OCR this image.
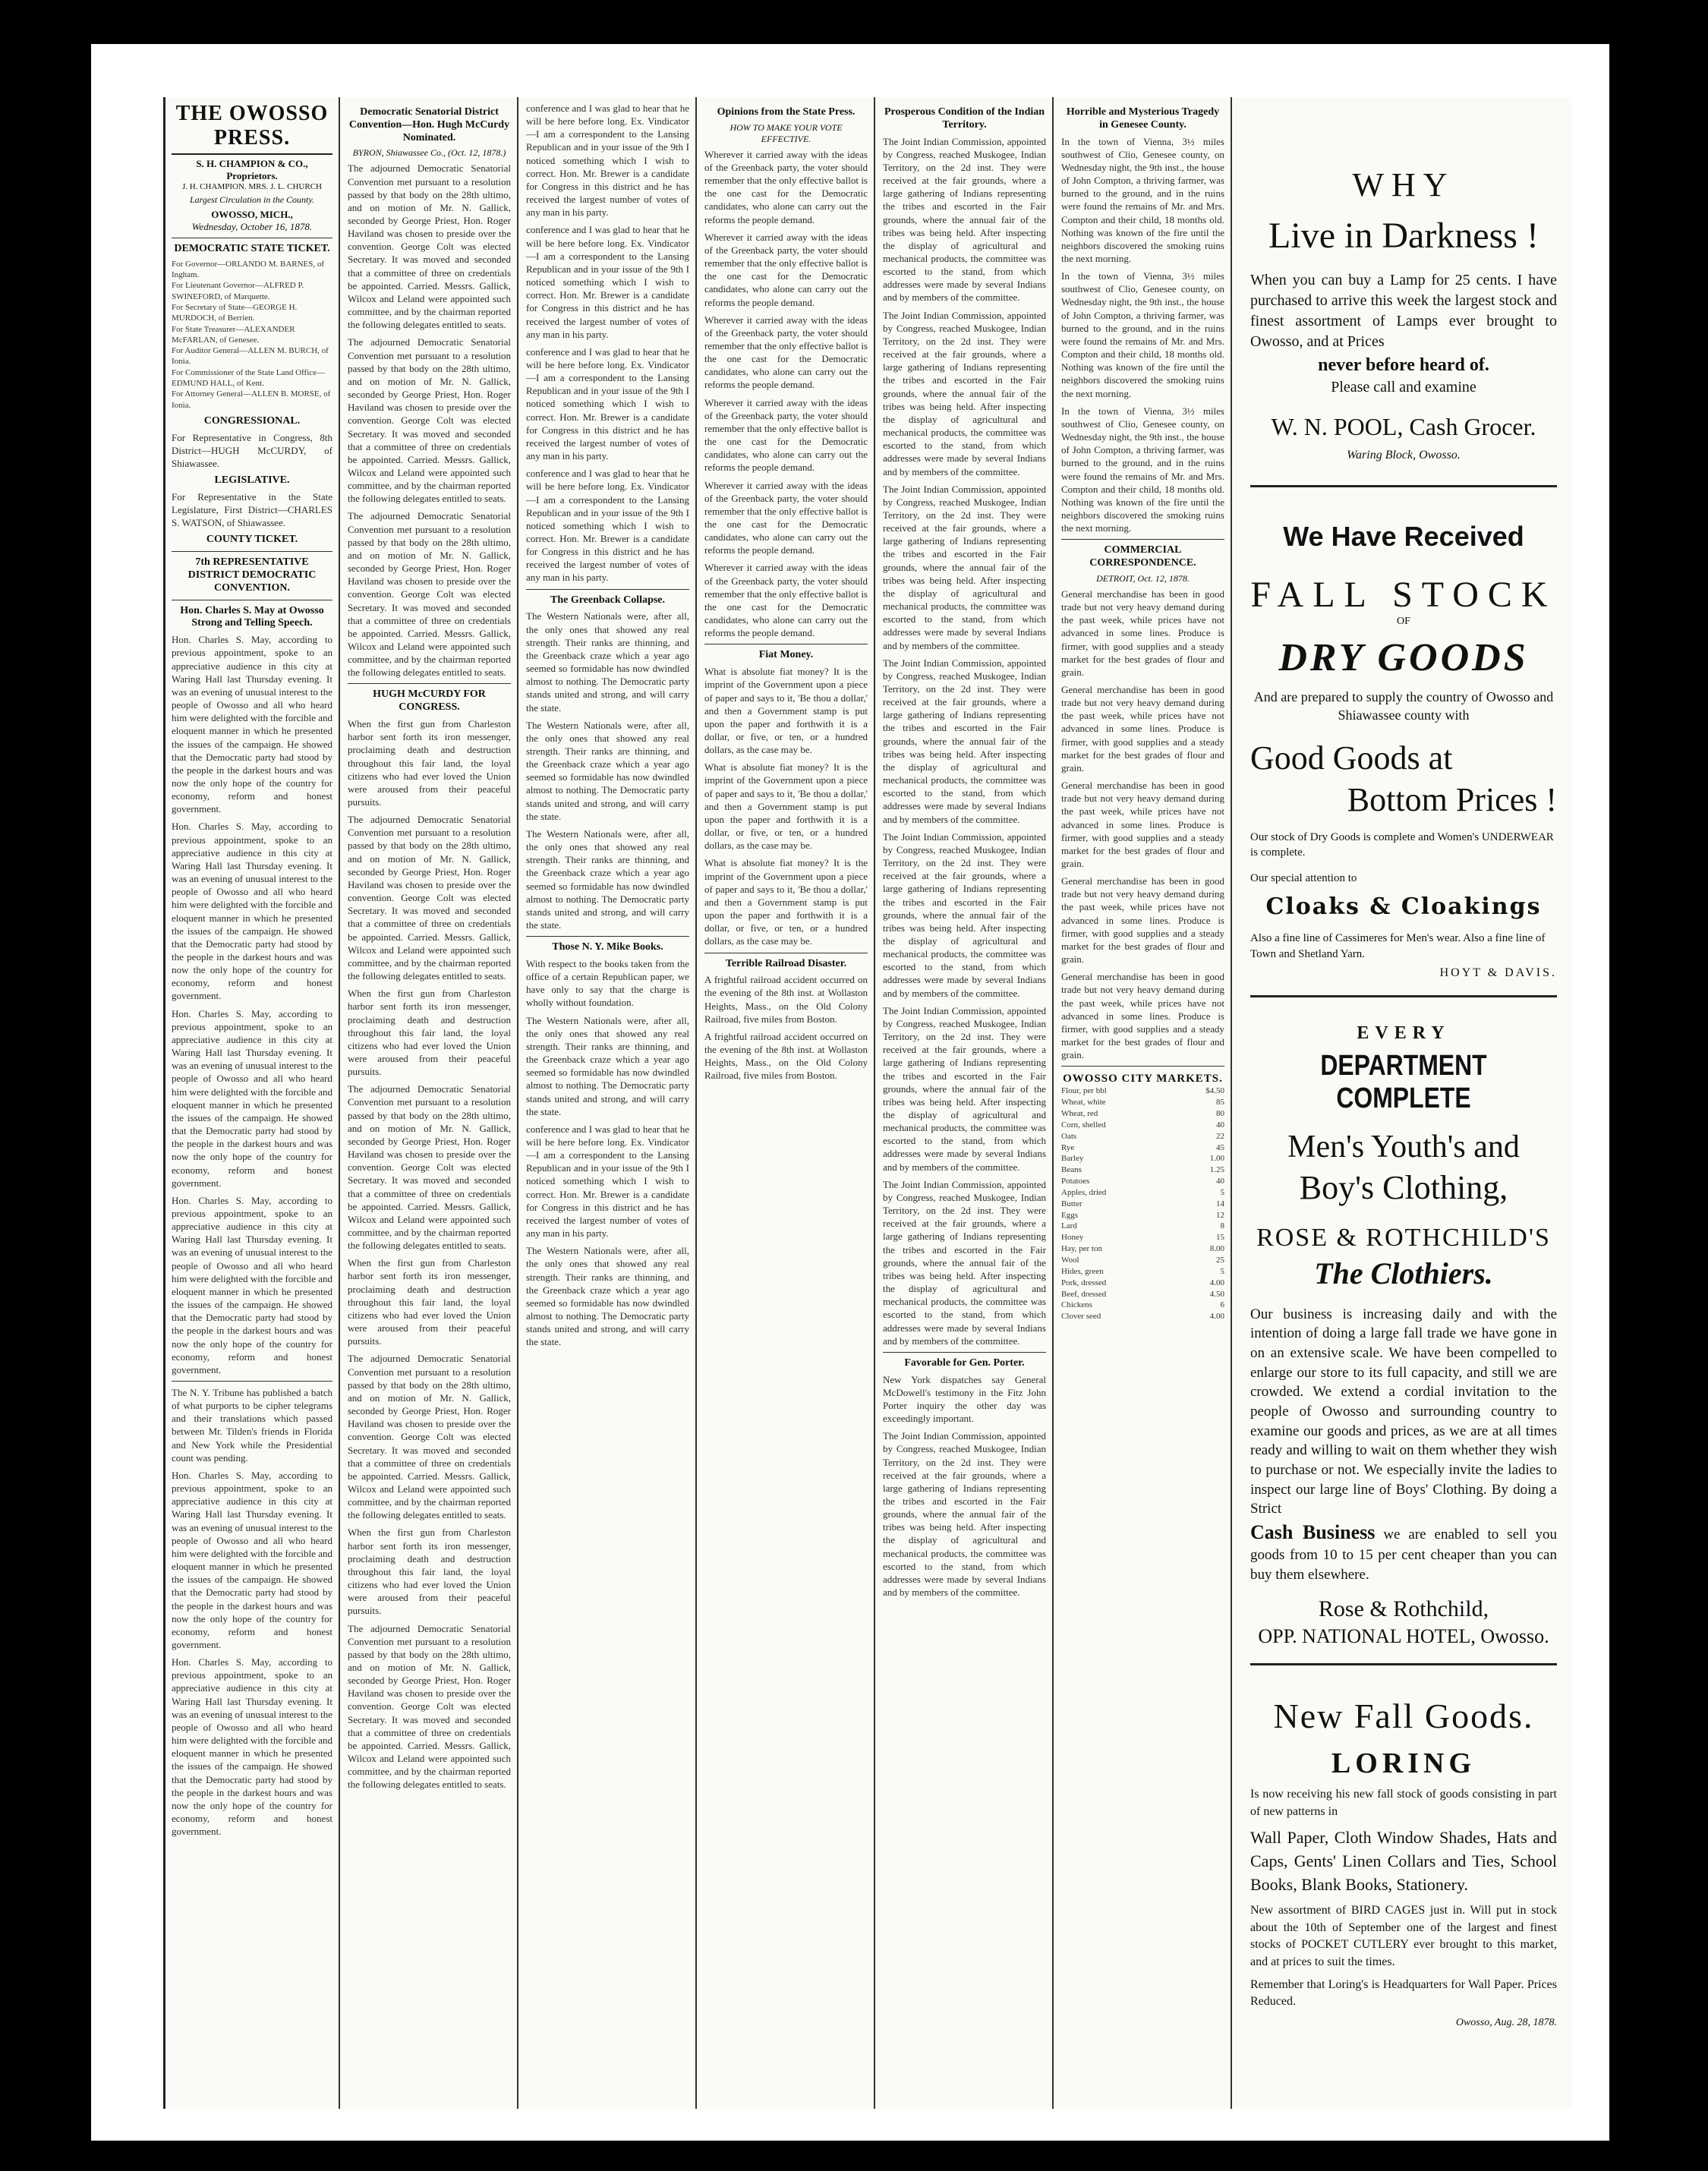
THE OWOSSO PRESS.
S. H. CHAMPION & CO., Proprietors.
J. H. CHAMPION. MRS. J. L. CHURCH
Largest Circulation in the County.
OWOSSO, MICH.,
Wednesday, October 16, 1878.
DEMOCRATIC STATE TICKET.
For Governor—ORLANDO M. BARNES, of Ingham.
For Lieutenant Governor—ALFRED P. SWINEFORD, of Marquette.
For Secretary of State—GEORGE H. MURDOCH, of Berrien.
For State Treasurer—ALEXANDER McFARLAN, of Genesee.
For Auditor General—ALLEN M. BURCH, of Ionia.
For Commissioner of the State Land Office—EDMUND HALL, of Kent.
For Attorney General—ALLEN B. MORSE, of Ionia.
CONGRESSIONAL.

For Representative in Congress, 8th District—HUGH McCURDY, of Shiawassee.

LEGISLATIVE.

For Representative in the State Legislature, First District—CHARLES S. WATSON, of Shiawassee.

COUNTY TICKET.
7th REPRESENTATIVE DISTRICT DEMOCRATIC CONVENTION.
Hon. Charles S. May at Owosso Strong and Telling Speech.

Hon. Charles S. May, according to previous appointment, spoke to an appreciative audience in this city at Waring Hall last Thursday evening. It was an evening of unusual interest to the people of Owosso and all who heard him were delighted with the forcible and eloquent manner in which he presented the issues of the campaign. He showed that the Democratic party had stood by the people in the darkest hours and was now the only hope of the country for economy, reform and honest government.

Hon. Charles S. May, according to previous appointment, spoke to an appreciative audience in this city at Waring Hall last Thursday evening. It was an evening of unusual interest to the people of Owosso and all who heard him were delighted with the forcible and eloquent manner in which he presented the issues of the campaign. He showed that the Democratic party had stood by the people in the darkest hours and was now the only hope of the country for economy, reform and honest government.

Hon. Charles S. May, according to previous appointment, spoke to an appreciative audience in this city at Waring Hall last Thursday evening. It was an evening of unusual interest to the people of Owosso and all who heard him were delighted with the forcible and eloquent manner in which he presented the issues of the campaign. He showed that the Democratic party had stood by the people in the darkest hours and was now the only hope of the country for economy, reform and honest government.

Hon. Charles S. May, according to previous appointment, spoke to an appreciative audience in this city at Waring Hall last Thursday evening. It was an evening of unusual interest to the people of Owosso and all who heard him were delighted with the forcible and eloquent manner in which he presented the issues of the campaign. He showed that the Democratic party had stood by the people in the darkest hours and was now the only hope of the country for economy, reform and honest government.

The N. Y. Tribune has published a batch of what purports to be cipher telegrams and their translations which passed between Mr. Tilden's friends in Florida and New York while the Presidential count was pending.

Hon. Charles S. May, according to previous appointment, spoke to an appreciative audience in this city at Waring Hall last Thursday evening. It was an evening of unusual interest to the people of Owosso and all who heard him were delighted with the forcible and eloquent manner in which he presented the issues of the campaign. He showed that the Democratic party had stood by the people in the darkest hours and was now the only hope of the country for economy, reform and honest government.

Hon. Charles S. May, according to previous appointment, spoke to an appreciative audience in this city at Waring Hall last Thursday evening. It was an evening of unusual interest to the people of Owosso and all who heard him were delighted with the forcible and eloquent manner in which he presented the issues of the campaign. He showed that the Democratic party had stood by the people in the darkest hours and was now the only hope of the country for economy, reform and honest government.

Democratic Senatorial District Convention—Hon. Hugh McCurdy Nominated.
BYRON, Shiawassee Co., (Oct. 12, 1878.)

The adjourned Democratic Senatorial Convention met pursuant to a resolution passed by that body on the 28th ultimo, and on motion of Mr. N. Gallick, seconded by George Priest, Hon. Roger Haviland was chosen to preside over the convention. George Colt was elected Secretary. It was moved and seconded that a committee of three on credentials be appointed. Carried. Messrs. Gallick, Wilcox and Leland were appointed such committee, and by the chairman reported the following delegates entitled to seats.

The adjourned Democratic Senatorial Convention met pursuant to a resolution passed by that body on the 28th ultimo, and on motion of Mr. N. Gallick, seconded by George Priest, Hon. Roger Haviland was chosen to preside over the convention. George Colt was elected Secretary. It was moved and seconded that a committee of three on credentials be appointed. Carried. Messrs. Gallick, Wilcox and Leland were appointed such committee, and by the chairman reported the following delegates entitled to seats.

The adjourned Democratic Senatorial Convention met pursuant to a resolution passed by that body on the 28th ultimo, and on motion of Mr. N. Gallick, seconded by George Priest, Hon. Roger Haviland was chosen to preside over the convention. George Colt was elected Secretary. It was moved and seconded that a committee of three on credentials be appointed. Carried. Messrs. Gallick, Wilcox and Leland were appointed such committee, and by the chairman reported the following delegates entitled to seats.

HUGH McCURDY FOR CONGRESS.

When the first gun from Charleston harbor sent forth its iron messenger, proclaiming death and destruction throughout this fair land, the loyal citizens who had ever loved the Union were aroused from their peaceful pursuits.

The adjourned Democratic Senatorial Convention met pursuant to a resolution passed by that body on the 28th ultimo, and on motion of Mr. N. Gallick, seconded by George Priest, Hon. Roger Haviland was chosen to preside over the convention. George Colt was elected Secretary. It was moved and seconded that a committee of three on credentials be appointed. Carried. Messrs. Gallick, Wilcox and Leland were appointed such committee, and by the chairman reported the following delegates entitled to seats.

When the first gun from Charleston harbor sent forth its iron messenger, proclaiming death and destruction throughout this fair land, the loyal citizens who had ever loved the Union were aroused from their peaceful pursuits.

The adjourned Democratic Senatorial Convention met pursuant to a resolution passed by that body on the 28th ultimo, and on motion of Mr. N. Gallick, seconded by George Priest, Hon. Roger Haviland was chosen to preside over the convention. George Colt was elected Secretary. It was moved and seconded that a committee of three on credentials be appointed. Carried. Messrs. Gallick, Wilcox and Leland were appointed such committee, and by the chairman reported the following delegates entitled to seats.

When the first gun from Charleston harbor sent forth its iron messenger, proclaiming death and destruction throughout this fair land, the loyal citizens who had ever loved the Union were aroused from their peaceful pursuits.

The adjourned Democratic Senatorial Convention met pursuant to a resolution passed by that body on the 28th ultimo, and on motion of Mr. N. Gallick, seconded by George Priest, Hon. Roger Haviland was chosen to preside over the convention. George Colt was elected Secretary. It was moved and seconded that a committee of three on credentials be appointed. Carried. Messrs. Gallick, Wilcox and Leland were appointed such committee, and by the chairman reported the following delegates entitled to seats.

When the first gun from Charleston harbor sent forth its iron messenger, proclaiming death and destruction throughout this fair land, the loyal citizens who had ever loved the Union were aroused from their peaceful pursuits.

The adjourned Democratic Senatorial Convention met pursuant to a resolution passed by that body on the 28th ultimo, and on motion of Mr. N. Gallick, seconded by George Priest, Hon. Roger Haviland was chosen to preside over the convention. George Colt was elected Secretary. It was moved and seconded that a committee of three on credentials be appointed. Carried. Messrs. Gallick, Wilcox and Leland were appointed such committee, and by the chairman reported the following delegates entitled to seats.

conference and I was glad to hear that he will be here before long. Ex. Vindicator—I am a correspondent to the Lansing Republican and in your issue of the 9th I noticed something which I wish to correct. Hon. Mr. Brewer is a candidate for Congress in this district and he has received the largest number of votes of any man in his party.

conference and I was glad to hear that he will be here before long. Ex. Vindicator—I am a correspondent to the Lansing Republican and in your issue of the 9th I noticed something which I wish to correct. Hon. Mr. Brewer is a candidate for Congress in this district and he has received the largest number of votes of any man in his party.

conference and I was glad to hear that he will be here before long. Ex. Vindicator—I am a correspondent to the Lansing Republican and in your issue of the 9th I noticed something which I wish to correct. Hon. Mr. Brewer is a candidate for Congress in this district and he has received the largest number of votes of any man in his party.

conference and I was glad to hear that he will be here before long. Ex. Vindicator—I am a correspondent to the Lansing Republican and in your issue of the 9th I noticed something which I wish to correct. Hon. Mr. Brewer is a candidate for Congress in this district and he has received the largest number of votes of any man in his party.

The Greenback Collapse.

The Western Nationals were, after all, the only ones that showed any real strength. Their ranks are thinning, and the Greenback craze which a year ago seemed so formidable has now dwindled almost to nothing. The Democratic party stands united and strong, and will carry the state.

The Western Nationals were, after all, the only ones that showed any real strength. Their ranks are thinning, and the Greenback craze which a year ago seemed so formidable has now dwindled almost to nothing. The Democratic party stands united and strong, and will carry the state.

The Western Nationals were, after all, the only ones that showed any real strength. Their ranks are thinning, and the Greenback craze which a year ago seemed so formidable has now dwindled almost to nothing. The Democratic party stands united and strong, and will carry the state.

Those N. Y. Mike Books.

With respect to the books taken from the office of a certain Republican paper, we have only to say that the charge is wholly without foundation.

The Western Nationals were, after all, the only ones that showed any real strength. Their ranks are thinning, and the Greenback craze which a year ago seemed so formidable has now dwindled almost to nothing. The Democratic party stands united and strong, and will carry the state.

conference and I was glad to hear that he will be here before long. Ex. Vindicator—I am a correspondent to the Lansing Republican and in your issue of the 9th I noticed something which I wish to correct. Hon. Mr. Brewer is a candidate for Congress in this district and he has received the largest number of votes of any man in his party.

The Western Nationals were, after all, the only ones that showed any real strength. Their ranks are thinning, and the Greenback craze which a year ago seemed so formidable has now dwindled almost to nothing. The Democratic party stands united and strong, and will carry the state.

Opinions from the State Press.
HOW TO MAKE YOUR VOTE EFFECTIVE.

Wherever it carried away with the ideas of the Greenback party, the voter should remember that the only effective ballot is the one cast for the Democratic candidates, who alone can carry out the reforms the people demand.

Wherever it carried away with the ideas of the Greenback party, the voter should remember that the only effective ballot is the one cast for the Democratic candidates, who alone can carry out the reforms the people demand.

Wherever it carried away with the ideas of the Greenback party, the voter should remember that the only effective ballot is the one cast for the Democratic candidates, who alone can carry out the reforms the people demand.

Wherever it carried away with the ideas of the Greenback party, the voter should remember that the only effective ballot is the one cast for the Democratic candidates, who alone can carry out the reforms the people demand.

Wherever it carried away with the ideas of the Greenback party, the voter should remember that the only effective ballot is the one cast for the Democratic candidates, who alone can carry out the reforms the people demand.

Wherever it carried away with the ideas of the Greenback party, the voter should remember that the only effective ballot is the one cast for the Democratic candidates, who alone can carry out the reforms the people demand.

Fiat Money.

What is absolute fiat money? It is the imprint of the Government upon a piece of paper and says to it, 'Be thou a dollar,' and then a Government stamp is put upon the paper and forthwith it is a dollar, or five, or ten, or a hundred dollars, as the case may be.

What is absolute fiat money? It is the imprint of the Government upon a piece of paper and says to it, 'Be thou a dollar,' and then a Government stamp is put upon the paper and forthwith it is a dollar, or five, or ten, or a hundred dollars, as the case may be.

What is absolute fiat money? It is the imprint of the Government upon a piece of paper and says to it, 'Be thou a dollar,' and then a Government stamp is put upon the paper and forthwith it is a dollar, or five, or ten, or a hundred dollars, as the case may be.

Terrible Railroad Disaster.

A frightful railroad accident occurred on the evening of the 8th inst. at Wollaston Heights, Mass., on the Old Colony Railroad, five miles from Boston.

A frightful railroad accident occurred on the evening of the 8th inst. at Wollaston Heights, Mass., on the Old Colony Railroad, five miles from Boston.

Prosperous Condition of the Indian Territory.

The Joint Indian Commission, appointed by Congress, reached Muskogee, Indian Territory, on the 2d inst. They were received at the fair grounds, where a large gathering of Indians representing the tribes and escorted in the Fair grounds, where the annual fair of the tribes was being held. After inspecting the display of agricultural and mechanical products, the committee was escorted to the stand, from which addresses were made by several Indians and by members of the committee.

The Joint Indian Commission, appointed by Congress, reached Muskogee, Indian Territory, on the 2d inst. They were received at the fair grounds, where a large gathering of Indians representing the tribes and escorted in the Fair grounds, where the annual fair of the tribes was being held. After inspecting the display of agricultural and mechanical products, the committee was escorted to the stand, from which addresses were made by several Indians and by members of the committee.

The Joint Indian Commission, appointed by Congress, reached Muskogee, Indian Territory, on the 2d inst. They were received at the fair grounds, where a large gathering of Indians representing the tribes and escorted in the Fair grounds, where the annual fair of the tribes was being held. After inspecting the display of agricultural and mechanical products, the committee was escorted to the stand, from which addresses were made by several Indians and by members of the committee.

The Joint Indian Commission, appointed by Congress, reached Muskogee, Indian Territory, on the 2d inst. They were received at the fair grounds, where a large gathering of Indians representing the tribes and escorted in the Fair grounds, where the annual fair of the tribes was being held. After inspecting the display of agricultural and mechanical products, the committee was escorted to the stand, from which addresses were made by several Indians and by members of the committee.

The Joint Indian Commission, appointed by Congress, reached Muskogee, Indian Territory, on the 2d inst. They were received at the fair grounds, where a large gathering of Indians representing the tribes and escorted in the Fair grounds, where the annual fair of the tribes was being held. After inspecting the display of agricultural and mechanical products, the committee was escorted to the stand, from which addresses were made by several Indians and by members of the committee.

The Joint Indian Commission, appointed by Congress, reached Muskogee, Indian Territory, on the 2d inst. They were received at the fair grounds, where a large gathering of Indians representing the tribes and escorted in the Fair grounds, where the annual fair of the tribes was being held. After inspecting the display of agricultural and mechanical products, the committee was escorted to the stand, from which addresses were made by several Indians and by members of the committee.

The Joint Indian Commission, appointed by Congress, reached Muskogee, Indian Territory, on the 2d inst. They were received at the fair grounds, where a large gathering of Indians representing the tribes and escorted in the Fair grounds, where the annual fair of the tribes was being held. After inspecting the display of agricultural and mechanical products, the committee was escorted to the stand, from which addresses were made by several Indians and by members of the committee.

Favorable for Gen. Porter.

New York dispatches say General McDowell's testimony in the Fitz John Porter inquiry the other day was exceedingly important.

The Joint Indian Commission, appointed by Congress, reached Muskogee, Indian Territory, on the 2d inst. They were received at the fair grounds, where a large gathering of Indians representing the tribes and escorted in the Fair grounds, where the annual fair of the tribes was being held. After inspecting the display of agricultural and mechanical products, the committee was escorted to the stand, from which addresses were made by several Indians and by members of the committee.

Horrible and Mysterious Tragedy in Genesee County.

In the town of Vienna, 3½ miles southwest of Clio, Genesee county, on Wednesday night, the 9th inst., the house of John Compton, a thriving farmer, was burned to the ground, and in the ruins were found the remains of Mr. and Mrs. Compton and their child, 18 months old. Nothing was known of the fire until the neighbors discovered the smoking ruins the next morning.

In the town of Vienna, 3½ miles southwest of Clio, Genesee county, on Wednesday night, the 9th inst., the house of John Compton, a thriving farmer, was burned to the ground, and in the ruins were found the remains of Mr. and Mrs. Compton and their child, 18 months old. Nothing was known of the fire until the neighbors discovered the smoking ruins the next morning.

In the town of Vienna, 3½ miles southwest of Clio, Genesee county, on Wednesday night, the 9th inst., the house of John Compton, a thriving farmer, was burned to the ground, and in the ruins were found the remains of Mr. and Mrs. Compton and their child, 18 months old. Nothing was known of the fire until the neighbors discovered the smoking ruins the next morning.

COMMERCIAL CORRESPONDENCE.
DETROIT, Oct. 12, 1878.

General merchandise has been in good trade but not very heavy demand during the past week, while prices have not advanced in some lines. Produce is firmer, with good supplies and a steady market for the best grades of flour and grain.

General merchandise has been in good trade but not very heavy demand during the past week, while prices have not advanced in some lines. Produce is firmer, with good supplies and a steady market for the best grades of flour and grain.

General merchandise has been in good trade but not very heavy demand during the past week, while prices have not advanced in some lines. Produce is firmer, with good supplies and a steady market for the best grades of flour and grain.

General merchandise has been in good trade but not very heavy demand during the past week, while prices have not advanced in some lines. Produce is firmer, with good supplies and a steady market for the best grades of flour and grain.

General merchandise has been in good trade but not very heavy demand during the past week, while prices have not advanced in some lines. Produce is firmer, with good supplies and a steady market for the best grades of flour and grain.

OWOSSO CITY MARKETS.
Flour, per bbl	$4.50
Wheat, white	85
Wheat, red	80
Corn, shelled	40
Oats	22
Rye	45
Barley	1.00
Beans	1.25
Potatoes	40
Apples, dried	5
Butter	14
Eggs	12
Lard	8
Honey	15
Hay, per ton	8.00
Wool	25
Hides, green	5
Pork, dressed	4.00
Beef, dressed	4.50
Chickens	6
Clover seed	4.00
WHY
Live in Darkness !
When you can buy a Lamp for 25 cents. I have purchased to arrive this week the largest stock and finest assortment of Lamps ever brought to Owosso, and at Prices
never before heard of.
Please call and examine
W. N. POOL, Cash Grocer.
Waring Block, Owosso.
We Have Received
FALL STOCK
OF
DRY GOODS
And are prepared to supply the country of Owosso and Shiawassee county with
Good Goods at
Bottom Prices !
Our stock of Dry Goods is complete and Women's UNDERWEAR is complete.
Our special attention to
Cloaks & Cloakings
Also a fine line of Cassimeres for Men's wear. Also a fine line of Town and Shetland Yarn.
HOYT & DAVIS.
EVERY
DEPARTMENT COMPLETE
Men's Youth's and
Boy's Clothing,
ROSE & ROTHCHILD'S
The Clothiers.
Our business is increasing daily and with the intention of doing a large fall trade we have gone in on an extensive scale. We have been compelled to enlarge our store to its full capacity, and still we are crowded. We extend a cordial invitation to the people of Owosso and surrounding country to examine our goods and prices, as we are at all times ready and willing to wait on them whether they wish to purchase or not. We especially invite the ladies to inspect our large line of Boys' Clothing. By doing a Strict
Cash Business we are enabled to sell you goods from 10 to 15 per cent cheaper than you can buy them elsewhere.
Rose & Rothchild,
OPP. NATIONAL HOTEL, Owosso.
New Fall Goods.
LORING
Is now receiving his new fall stock of goods consisting in part of new patterns in
Wall Paper, Cloth Window Shades, Hats and Caps, Gents' Linen Collars and Ties, School Books, Blank Books, Stationery.
New assortment of BIRD CAGES just in. Will put in stock about the 10th of September one of the largest and finest stocks of POCKET CUTLERY ever brought to this market, and at prices to suit the times.
Remember that Loring's is Headquarters for Wall Paper. Prices Reduced.
Owosso, Aug. 28, 1878.
